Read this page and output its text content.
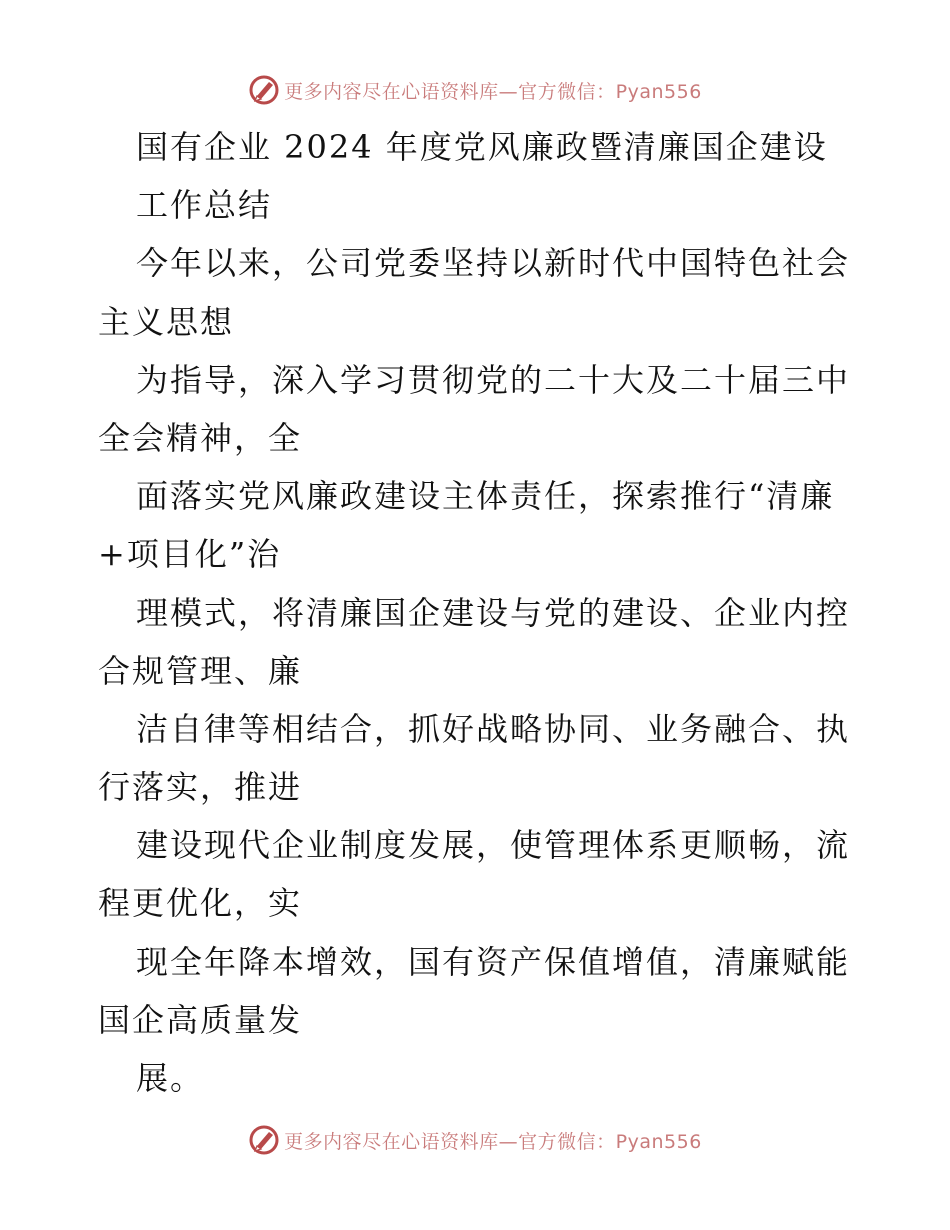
更多内容尽在心语资料库—官方微信：Pyan556
国有企业 2024 年度党风廉政暨清廉国企建设
工作总结
今年以来，公司党委坚持以新时代中国特色社会
主义思想
为指导，深入学习贯彻党的二十大及二十届三中
全会精神，全
面落实党风廉政建设主体责任，探索推行“清廉
+项目化”治
理模式，将清廉国企建设与党的建设、企业内控
合规管理、廉
洁自律等相结合，抓好战略协同、业务融合、执
行落实，推进
建设现代企业制度发展，使管理体系更顺畅，流
程更优化，实
现全年降本增效，国有资产保值增值，清廉赋能
国企高质量发
展。
更多内容尽在心语资料库—官方微信：Pyan556
